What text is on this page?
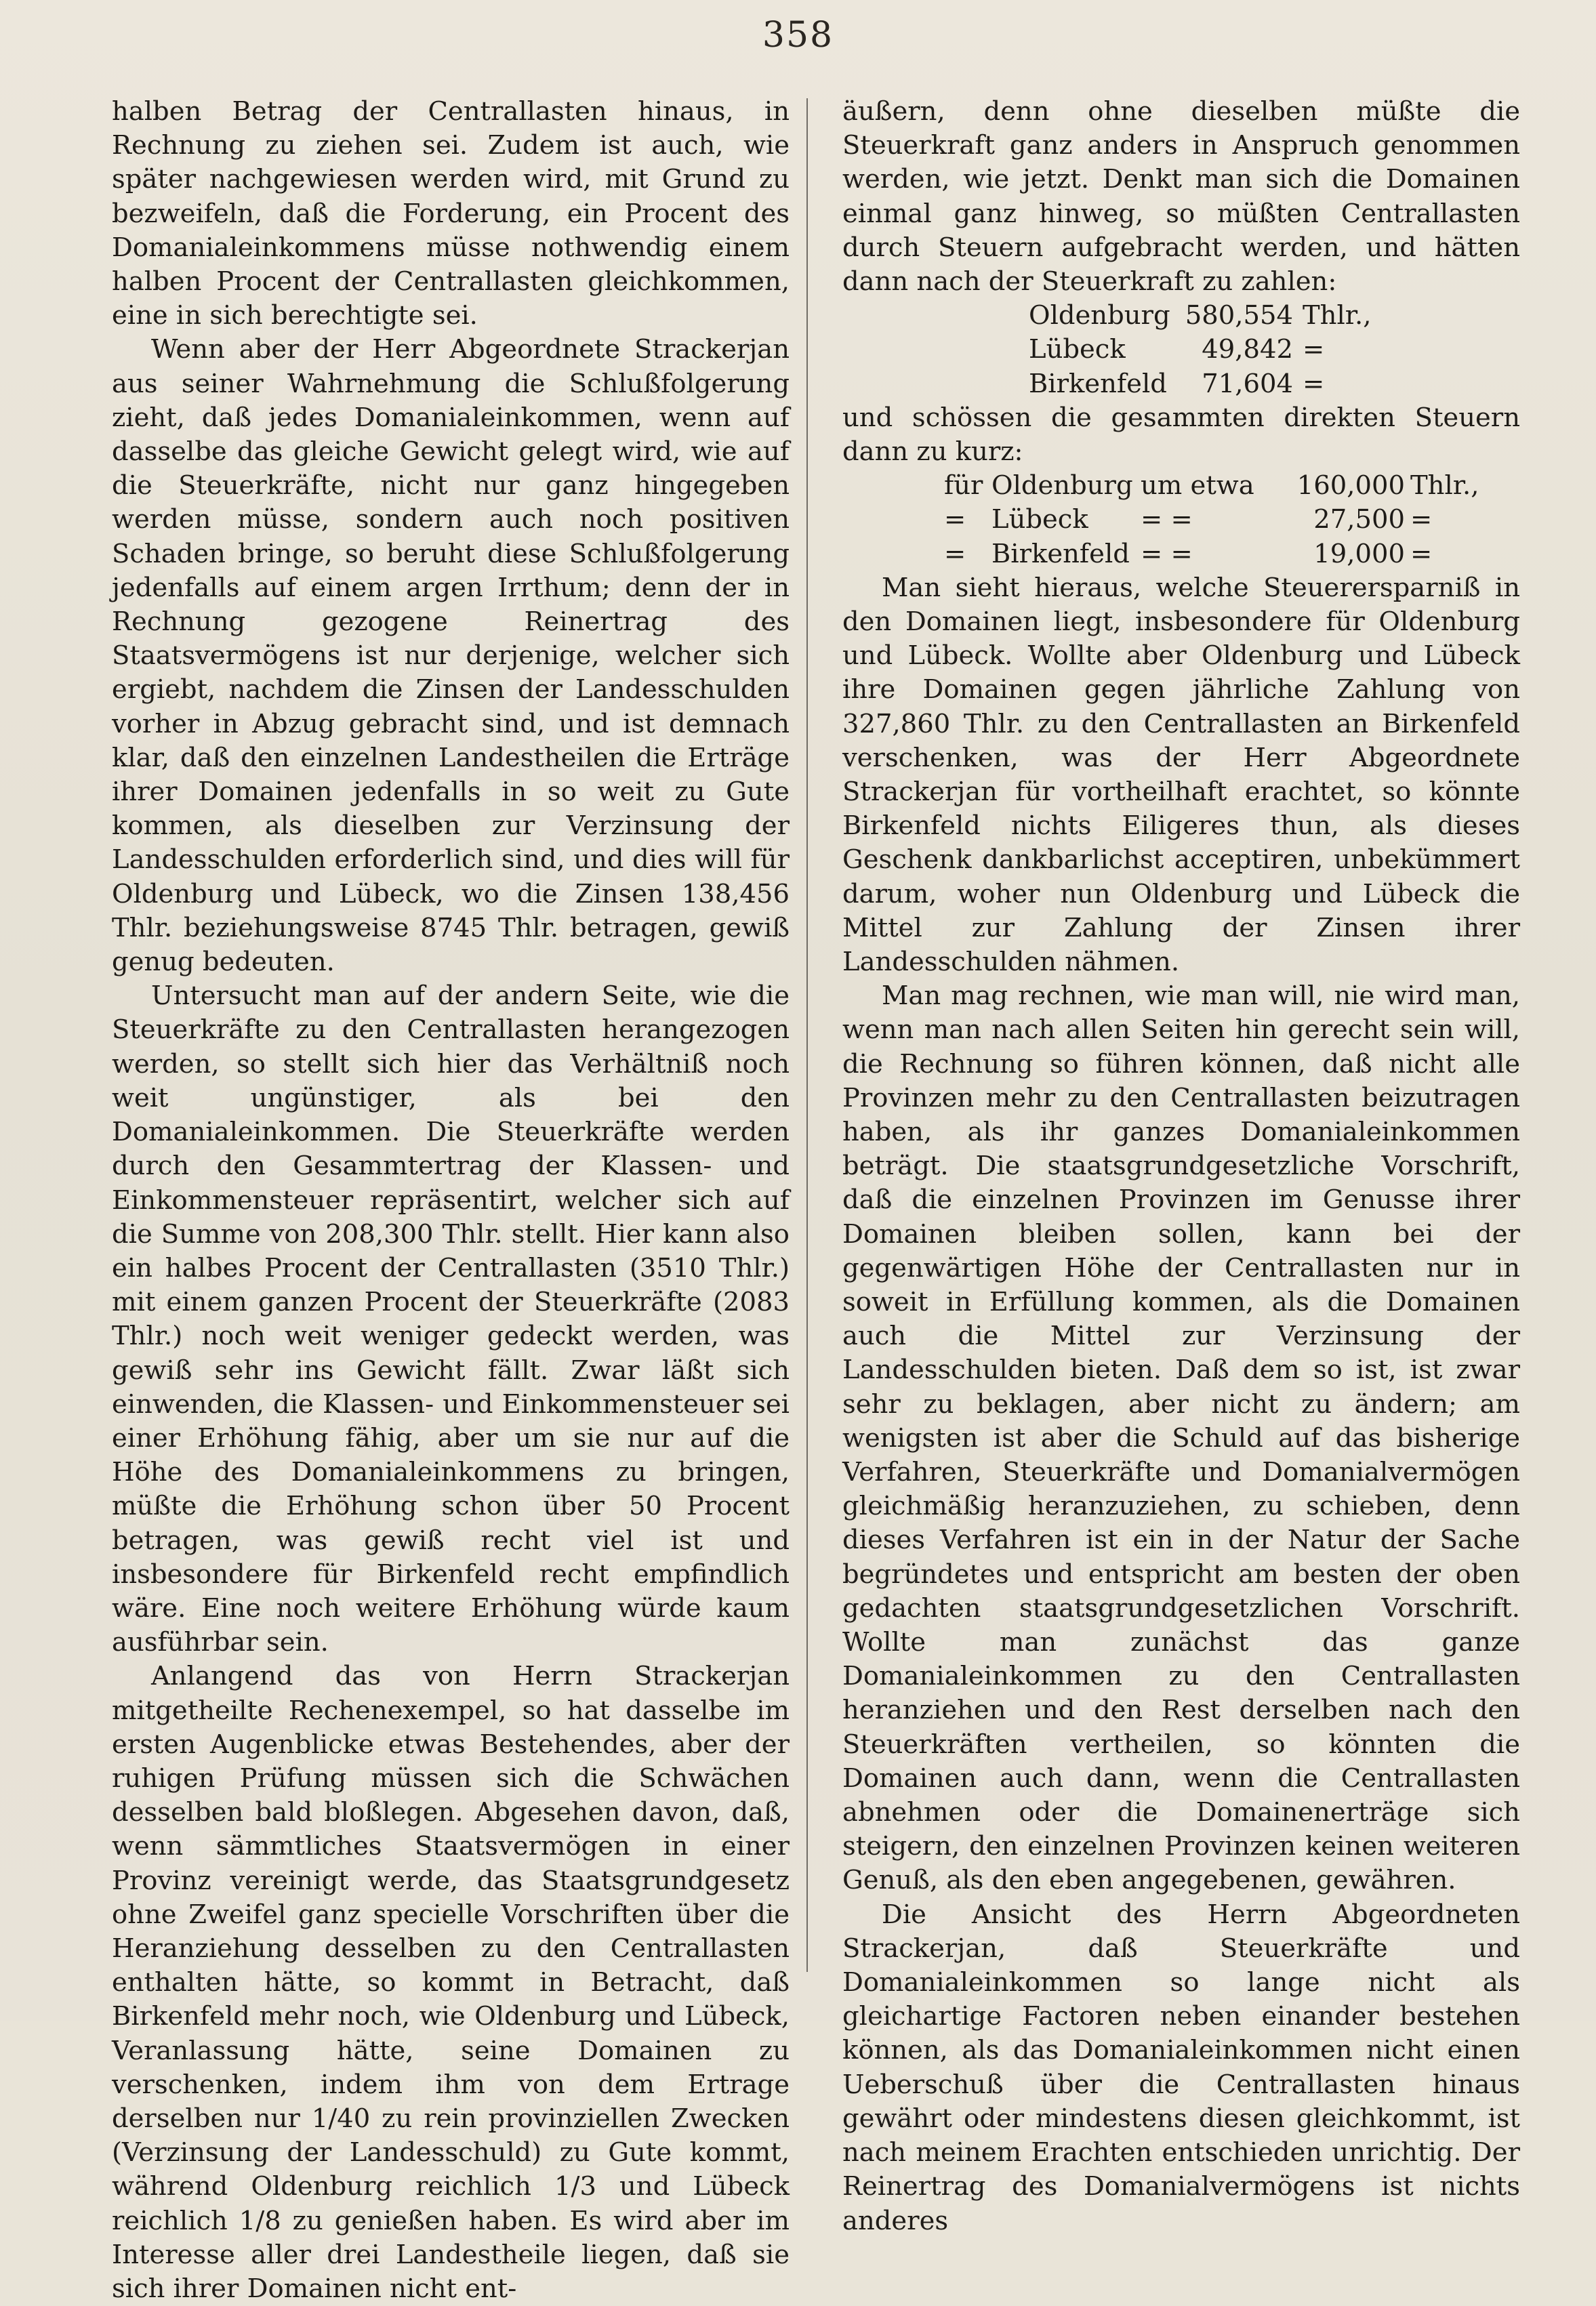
358

halben Betrag der Centrallasten hinaus, in Rechnung zu ziehen sei. Zudem ist auch, wie später nachgewiesen werden wird, mit Grund zu bezweifeln, daß die Forderung, ein Procent des Domanialeinkommens müsse nothwendig einem halben Procent der Centrallasten gleichkommen, eine in sich berechtigte sei.

Wenn aber der Herr Abgeordnete Strackerjan aus seiner Wahrnehmung die Schlußfolgerung zieht, daß jedes Domanialeinkommen, wenn auf dasselbe das gleiche Gewicht gelegt wird, wie auf die Steuerkräfte, nicht nur ganz hingegeben werden müsse, sondern auch noch positiven Schaden bringe, so beruht diese Schlußfolgerung jedenfalls auf einem argen Irrthum; denn der in Rechnung gezogene Reinertrag des Staatsvermögens ist nur derjenige, welcher sich ergiebt, nachdem die Zinsen der Landesschulden vorher in Abzug gebracht sind, und ist demnach klar, daß den einzelnen Landestheilen die Erträge ihrer Domainen jedenfalls in so weit zu Gute kommen, als dieselben zur Verzinsung der Landesschulden erforderlich sind, und dies will für Oldenburg und Lübeck, wo die Zinsen 138,456 Thlr. beziehungsweise 8745 Thlr. betragen, gewiß genug bedeuten.

Untersucht man auf der andern Seite, wie die Steuerkräfte zu den Centrallasten herangezogen werden, so stellt sich hier das Verhältniß noch weit ungünstiger, als bei den Domanialeinkommen. Die Steuerkräfte werden durch den Gesammtertrag der Klassen- und Einkommensteuer repräsentirt, welcher sich auf die Summe von 208,300 Thlr. stellt. Hier kann also ein halbes Procent der Centrallasten (3510 Thlr.) mit einem ganzen Procent der Steuerkräfte (2083 Thlr.) noch weit weniger gedeckt werden, was gewiß sehr ins Gewicht fällt. Zwar läßt sich einwenden, die Klassen- und Einkommensteuer sei einer Erhöhung fähig, aber um sie nur auf die Höhe des Domanialeinkommens zu bringen, müßte die Erhöhung schon über 50 Procent betragen, was gewiß recht viel ist und insbesondere für Birkenfeld recht empfindlich wäre. Eine noch weitere Erhöhung würde kaum ausführbar sein.

Anlangend das von Herrn Strackerjan mitgetheilte Rechenexempel, so hat dasselbe im ersten Augenblicke etwas Bestehendes, aber der ruhigen Prüfung müssen sich die Schwächen desselben bald bloßlegen. Abgesehen davon, daß, wenn sämmtliches Staatsvermögen in einer Provinz vereinigt werde, das Staatsgrundgesetz ohne Zweifel ganz specielle Vorschriften über die Heranziehung desselben zu den Centrallasten enthalten hätte, so kommt in Betracht, daß Birkenfeld mehr noch, wie Oldenburg und Lübeck, Veranlassung hätte, seine Domainen zu verschenken, indem ihm von dem Ertrage derselben nur 1/40 zu rein provinziellen Zwecken (Verzinsung der Landesschuld) zu Gute kommt, während Oldenburg reichlich 1/3 und Lübeck reichlich 1/8 zu genießen haben. Es wird aber im Interesse aller drei Landestheile liegen, daß sie sich ihrer Domainen nicht ent-

äußern, denn ohne dieselben müßte die Steuerkraft ganz anders in Anspruch genommen werden, wie jetzt. Denkt man sich die Domainen einmal ganz hinweg, so müßten Centrallasten durch Steuern aufgebracht werden, und hätten dann nach der Steuerkraft zu zahlen:

Oldenburg 580,554 Thlr.,
Lübeck	49,842 =
Birkenfeld	71,604 =

und schössen die gesammten direkten Steuern dann zu kurz:

für Oldenburg um etwa	160,000 Thlr.,
= Lübeck	= =	27,500 =
= Birkenfeld = =	19,000 =

Man sieht hieraus, welche Steuerersparniß in den Domainen liegt, insbesondere für Oldenburg und Lübeck. Wollte aber Oldenburg und Lübeck ihre Domainen gegen jährliche Zahlung von 327,860 Thlr. zu den Centrallasten an Birkenfeld verschenken, was der Herr Abgeordnete Strackerjan für vortheilhaft erachtet, so könnte Birkenfeld nichts Eiligeres thun, als dieses Geschenk dankbarlichst acceptiren, unbekümmert darum, woher nun Oldenburg und Lübeck die Mittel zur Zahlung der Zinsen ihrer Landesschulden nähmen.

Man mag rechnen, wie man will, nie wird man, wenn man nach allen Seiten hin gerecht sein will, die Rechnung so führen können, daß nicht alle Provinzen mehr zu den Centrallasten beizutragen haben, als ihr ganzes Domanialeinkommen beträgt. Die staatsgrundgesetzliche Vorschrift, daß die einzelnen Provinzen im Genusse ihrer Domainen bleiben sollen, kann bei der gegenwärtigen Höhe der Centrallasten nur in soweit in Erfüllung kommen, als die Domainen auch die Mittel zur Verzinsung der Landesschulden bieten. Daß dem so ist, ist zwar sehr zu beklagen, aber nicht zu ändern; am wenigsten ist aber die Schuld auf das bisherige Verfahren, Steuerkräfte und Domanialvermögen gleichmäßig heranzuziehen, zu schieben, denn dieses Verfahren ist ein in der Natur der Sache begründetes und entspricht am besten der oben gedachten staatsgrundgesetzlichen Vorschrift. Wollte man zunächst das ganze Domanialeinkommen zu den Centrallasten heranziehen und den Rest derselben nach den Steuerkräften vertheilen, so könnten die Domainen auch dann, wenn die Centrallasten abnehmen oder die Domainenerträge sich steigern, den einzelnen Provinzen keinen weiteren Genuß, als den eben angegebenen, gewähren.

Die Ansicht des Herrn Abgeordneten Strackerjan, daß Steuerkräfte und Domanialeinkommen so lange nicht als gleichartige Factoren neben einander bestehen können, als das Domanialeinkommen nicht einen Ueberschuß über die Centrallasten hinaus gewährt oder mindestens diesen gleichkommt, ist nach meinem Erachten entschieden unrichtig. Der Reinertrag des Domanialvermögens ist nichts anderes
